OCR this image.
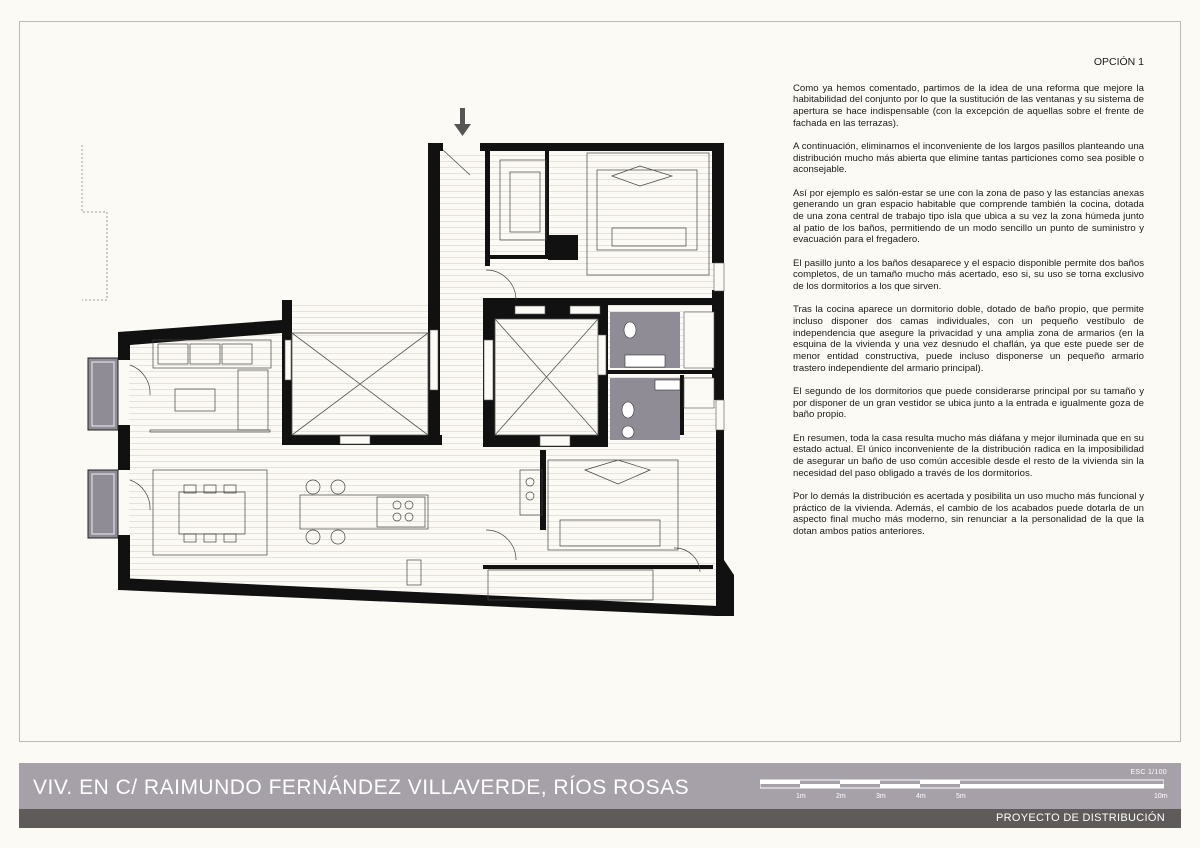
OPCIÓN 1

Como ya hemos comentado, partimos de la idea de una reforma que mejore la habitabilidad del conjunto por lo que la sustitución de las ventanas y su sistema de apertura se hace indispensable (con la excepción de aquellas sobre el frente de fachada en las terrazas).

A continuación, eliminamos el inconveniente de los largos pasillos planteando una distribución mucho más abierta que elimine tantas particiones como sea posible o aconsejable.

Así por ejemplo es salón-estar se une con la zona de paso y las estancias anexas generando un gran espacio habitable que comprende también la cocina, dotada de una zona central de trabajo tipo isla que ubica a su vez la zona húmeda junto al patio de los baños, permitiendo de un modo sencillo un punto de suministro y evacuación para el fregadero.

El pasillo junto a los baños desaparece y el espacio disponible permite dos baños completos, de un tamaño mucho más acertado, eso si, su uso se torna exclusivo de los dormitorios a los que sirven.

Tras la cocina aparece un dormitorio doble, dotado de baño propio, que permite incluso disponer dos camas individuales, con un pequeño vestíbulo de independencia que asegure la privacidad y una amplia zona de armarios (en la esquina de la vivienda y una vez desnudo el chaflán, ya que este puede ser de menor entidad constructiva, puede incluso disponerse un pequeño armario trastero independiente del armario principal).

El segundo de los dormitorios que puede considerarse principal por su tamaño y por disponer de un gran vestidor se ubica junto a la entrada e igualmente goza de baño propio.

En resumen, toda la casa resulta mucho más diáfana y mejor iluminada que en su estado actual. El único inconveniente de la distribución radica en la imposibilidad de asegurar un baño de uso común accesible desde el resto de la vivienda sin la necesidad del paso obligado a través de los dormitorios.

Por lo demás la distribución es acertada y posibilita un uso mucho más funcional y práctico de la vivienda. Además, el cambio de los acabados puede dotarla de un aspecto final mucho más moderno, sin renunciar a la personalidad de la que la dotan ambos patios anteriores.

VIV. EN C/ RAIMUNDO FERNÁNDEZ VILLAVERDE, RÍOS ROSAS
ESC 1/100
1m	2m	3m	4m	5m	10m
PROYECTO DE DISTRIBUCIÓN
